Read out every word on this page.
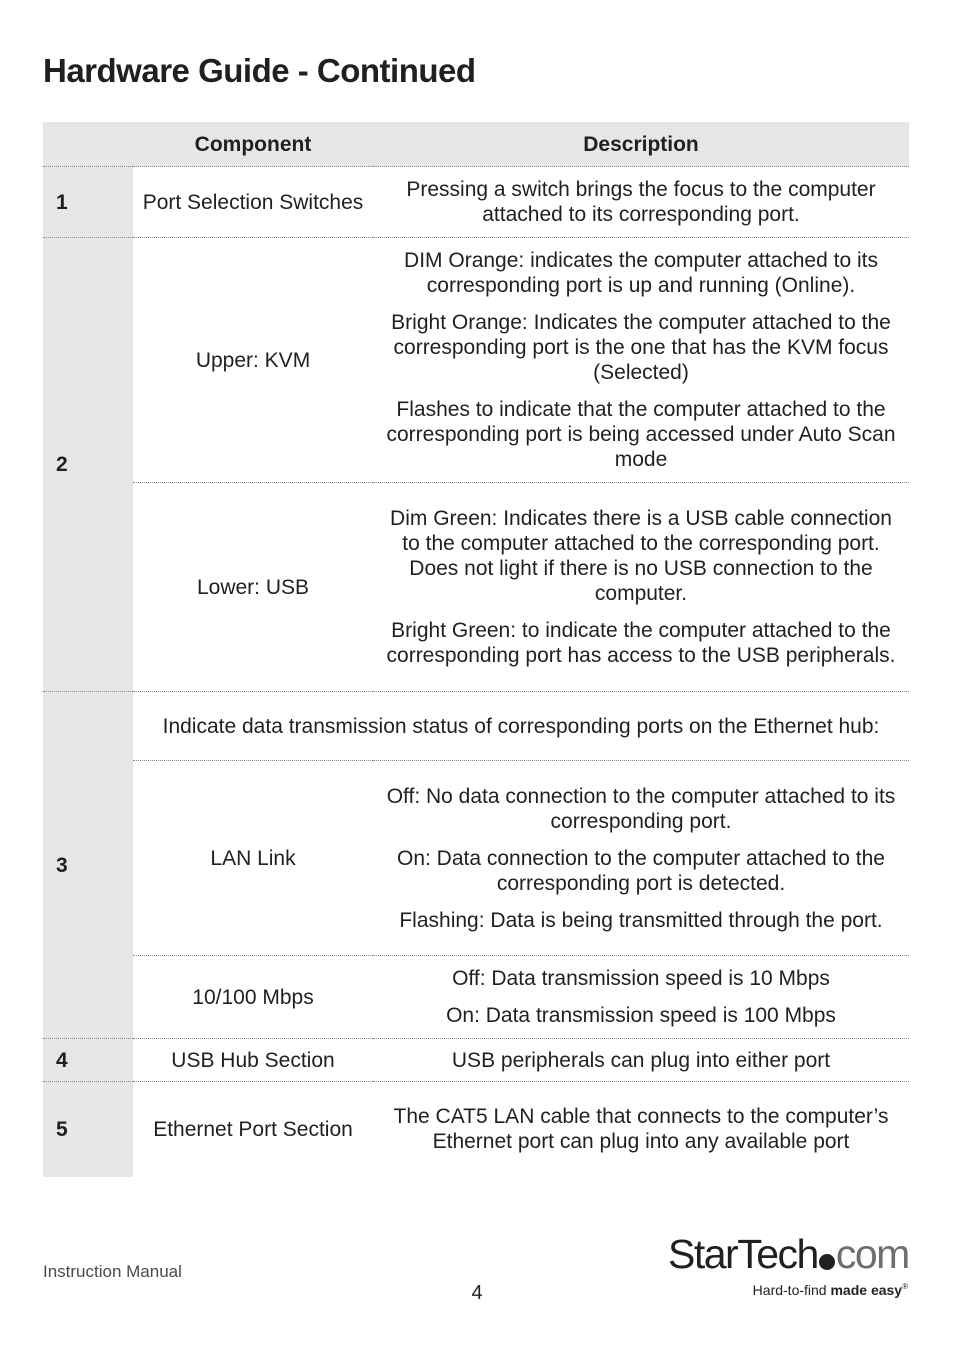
Hardware Guide - Continued
	Component	Description
1	Port Selection Switches	Pressing a switch brings the focus to the computer attached to its corresponding port.

2	Upper: KVM	DIM Orange: indicates the computer attached to its corresponding port is up and running (Online).

Bright Orange: Indicates the computer attached to the corresponding port is the one that has the KVM focus (Selected)

Flashes to indicate that the computer attached to the corresponding port is being accessed under Auto Scan mode

	Lower: USB	Dim Green: Indicates there is a USB cable connection to the computer attached to the corresponding port. Does not light if there is no USB connection to the computer.

Bright Green: to indicate the computer attached to the corresponding port has access to the USB peripherals.

3	Indicate data transmission status of corresponding ports on the Ethernet hub:	
	LAN Link	Off: No data connection to the computer attached to its corresponding port.

On: Data connection to the computer attached to the corresponding port is detected.

Flashing: Data is being transmitted through the port.

	10/100 Mbps	Off: Data transmission speed is 10 Mbps

On: Data transmission speed is 100 Mbps

4	USB Hub Section	USB peripherals can plug into either port

5	Ethernet Port Section	The CAT5 LAN cable that connects to the computer’s Ethernet port can plug into any available port

Instruction Manual
4
StarTech com
Hard-to-find made easy®
